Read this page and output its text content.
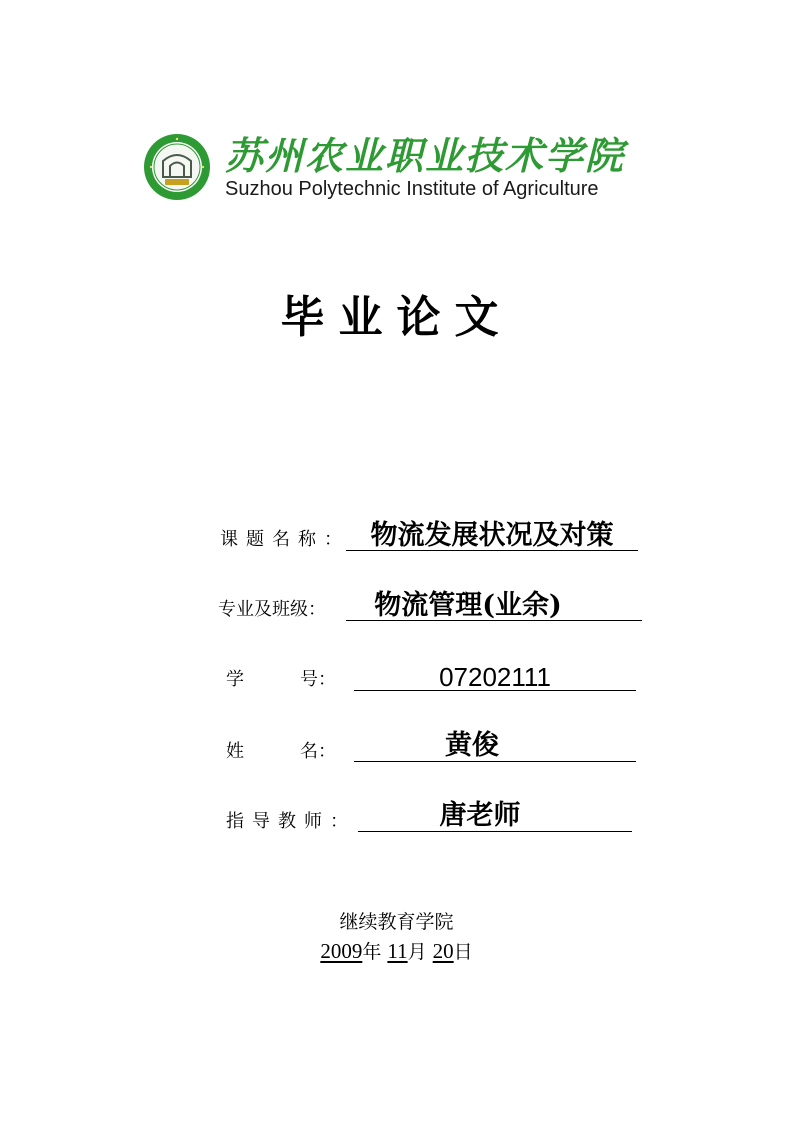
苏州农业职业技术学院
Suzhou Polytechnic Institute of Agriculture
毕业论文
课题名称： 物流发展状况及对策
专业及班级：	物流管理(业余)
学	号：	07202111
姓	名：	黄俊
指导教师：	唐老师
继续教育学院
2009年 11月 20日
